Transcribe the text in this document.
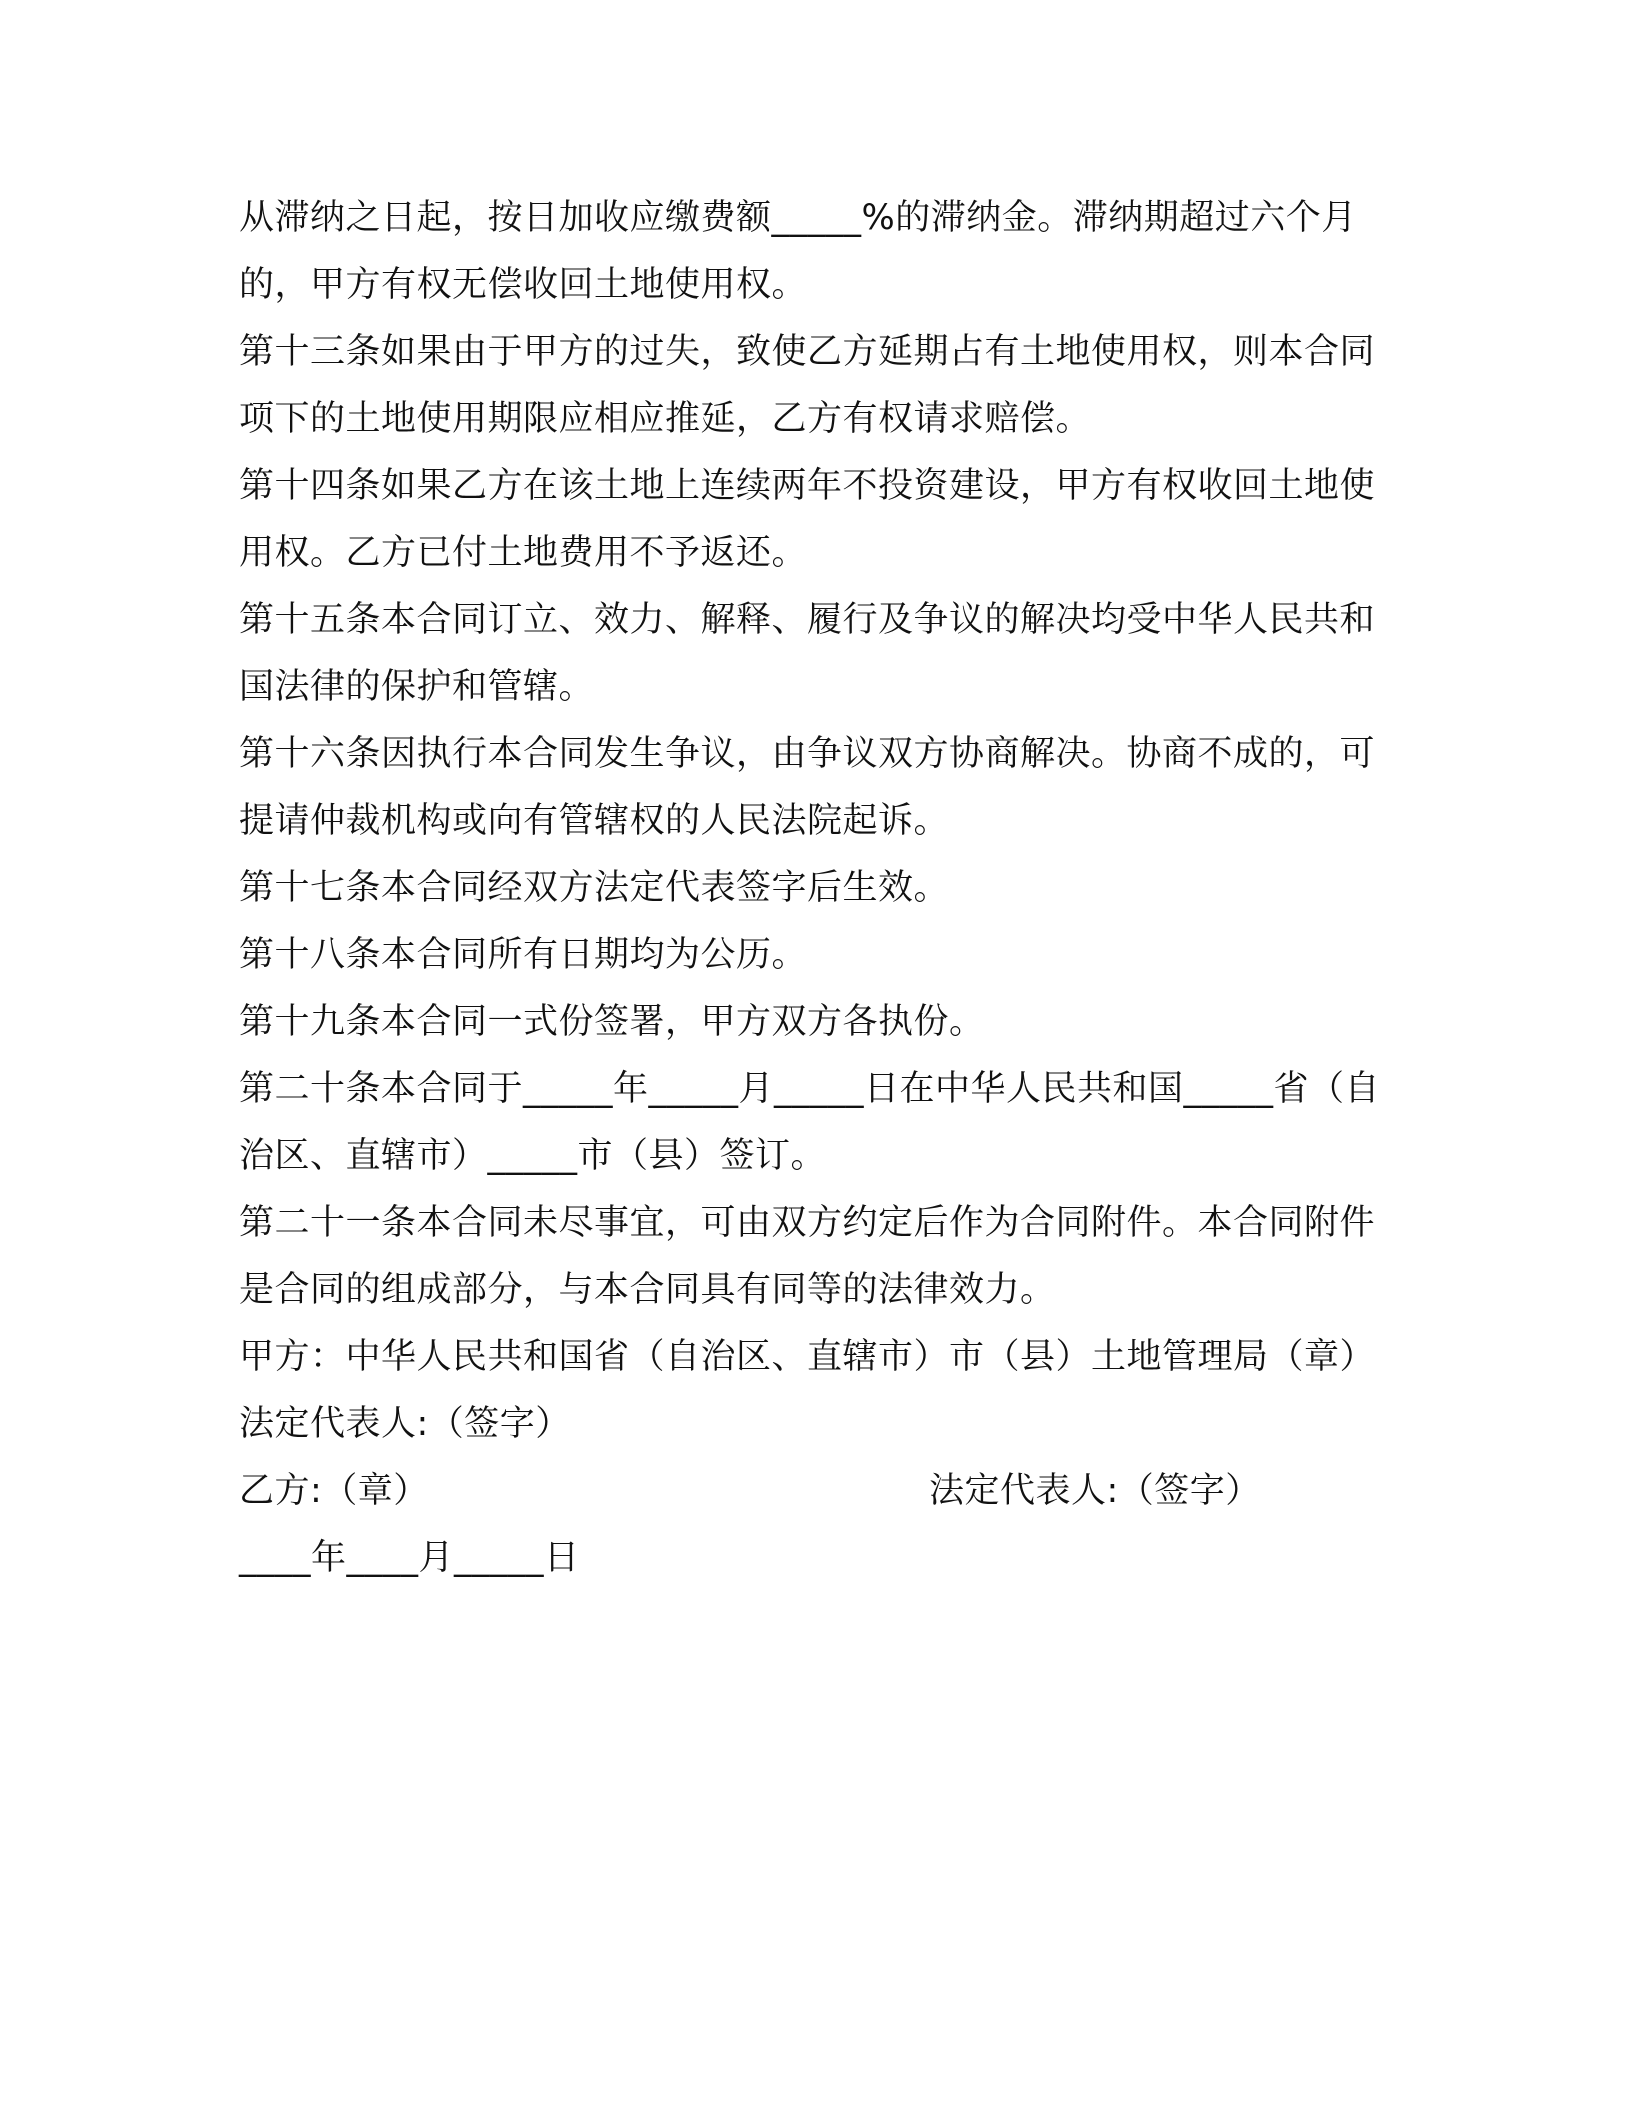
从滞纳之日起，按日加收应缴费额_____%的滞纳金。滞纳期超过六个月的，甲方有权无偿收回土地使用权。

第十三条如果由于甲方的过失，致使乙方延期占有土地使用权，则本合同项下的土地使用期限应相应推延，乙方有权请求赔偿。

第十四条如果乙方在该土地上连续两年不投资建设，甲方有权收回土地使用权。乙方已付土地费用不予返还。

第十五条本合同订立、效力、解释、履行及争议的解决均受中华人民共和国法律的保护和管辖。

第十六条因执行本合同发生争议，由争议双方协商解决。协商不成的，可提请仲裁机构或向有管辖权的人民法院起诉。

第十七条本合同经双方法定代表签字后生效。

第十八条本合同所有日期均为公历。

第十九条本合同一式份签署，甲方双方各执份。

第二十条本合同于_____年_____月_____日在中华人民共和国_____省（自治区、直辖市）_____市（县）签订。

第二十一条本合同未尽事宜，可由双方约定后作为合同附件。本合同附件是合同的组成部分，与本合同具有同等的法律效力。

甲方：中华人民共和国省（自治区、直辖市）市（县）土地管理局（章）

法定代表人:（签字）

乙方:（章）	法定代表人:（签字）

____年____月_____日
